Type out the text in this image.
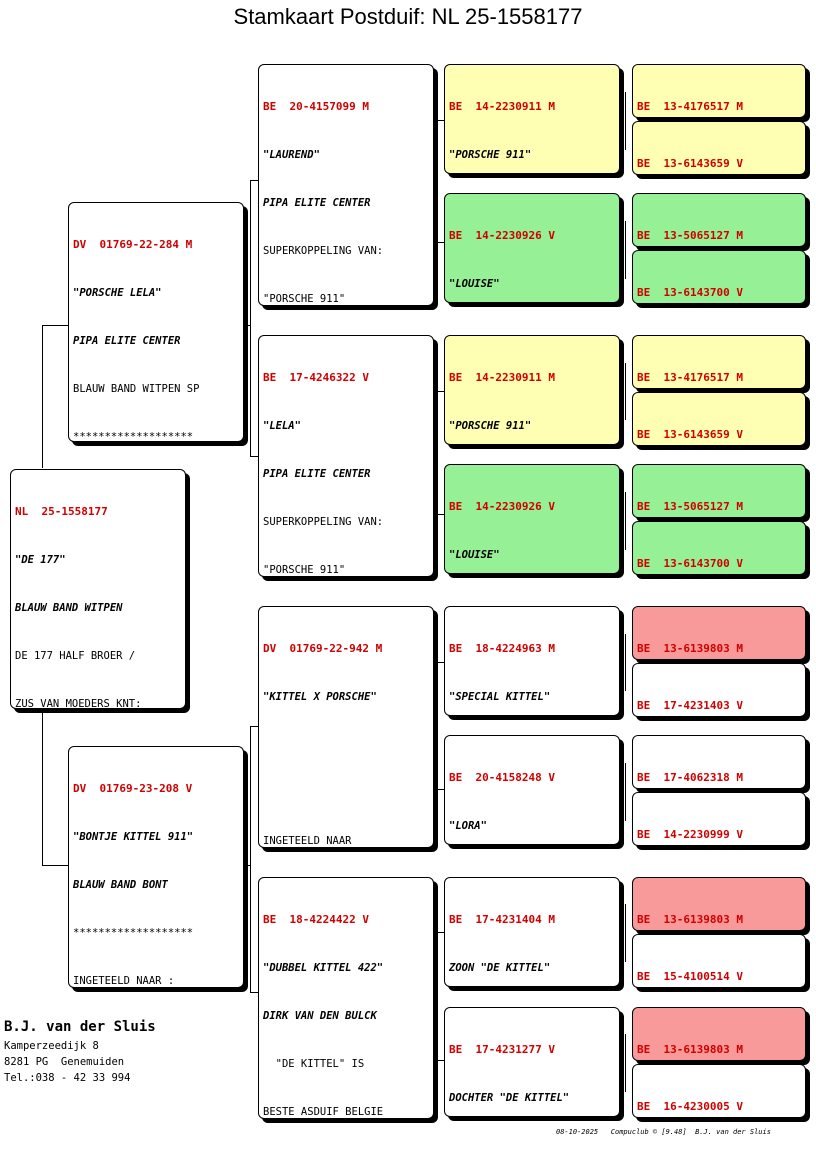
Stamkaart Postduif: NL 25-1558177

NL  25-1558177

"DE 177"

BLAUW BAND WITPEN

DE 177 HALF BROER /

ZUS VAN MOEDERS KNT:

DV  01769-22-284 M

"PORSCHE LELA"

PIPA ELITE CENTER

BLAUW BAND WITPEN SP

*******************

DV  01769-23-208 V

"BONTJE KITTEL 911"

BLAUW BAND BONT

*******************

INGETEELD NAAR :

BE  20-4157099 M

"LAUREND"

PIPA ELITE CENTER

SUPERKOPPELING VAN:

"PORSCHE 911"

BE  17-4246322 V

"LELA"

PIPA ELITE CENTER

SUPERKOPPELING VAN:

"PORSCHE 911"

DV  01769-22-942 M

"KITTEL X PORSCHE"

INGETEELD NAAR

BE  18-4224422 V

"DUBBEL KITTEL 422"

DIRK VAN DEN BULCK

"DE KITTEL" IS

BESTE ASDUIF BELGIE

BE  14-2230911 M

"PORSCHE 911"

BE  14-2230926 V

"LOUISE"

BE  14-2230911 M

"PORSCHE 911"

BE  14-2230926 V

"LOUISE"

BE  18-4224963 M

"SPECIAL KITTEL"

BE  20-4158248 V

"LORA"

BE  17-4231404 M

ZOON "DE KITTEL"

BE  17-4231277 V

DOCHTER "DE KITTEL"

BE  13-4176517 M

BE  13-6143659 V

BE  13-5065127 M

BE  13-6143700 V

BE  13-4176517 M

BE  13-6143659 V

BE  13-5065127 M

BE  13-6143700 V

BE  13-6139803 M

BE  17-4231403 V

BE  17-4062318 M

BE  14-2230999 V

BE  13-6139803 M

BE  15-4100514 V

BE  13-6139803 M

BE  16-4230005 V

B.J. van der Sluis
Kamperzeedijk 8
8281 PG  Genemuiden
Tel.:038 - 42 33 994
08-10-2025   Compuclub © [9.48]  B.J. van der Sluis
